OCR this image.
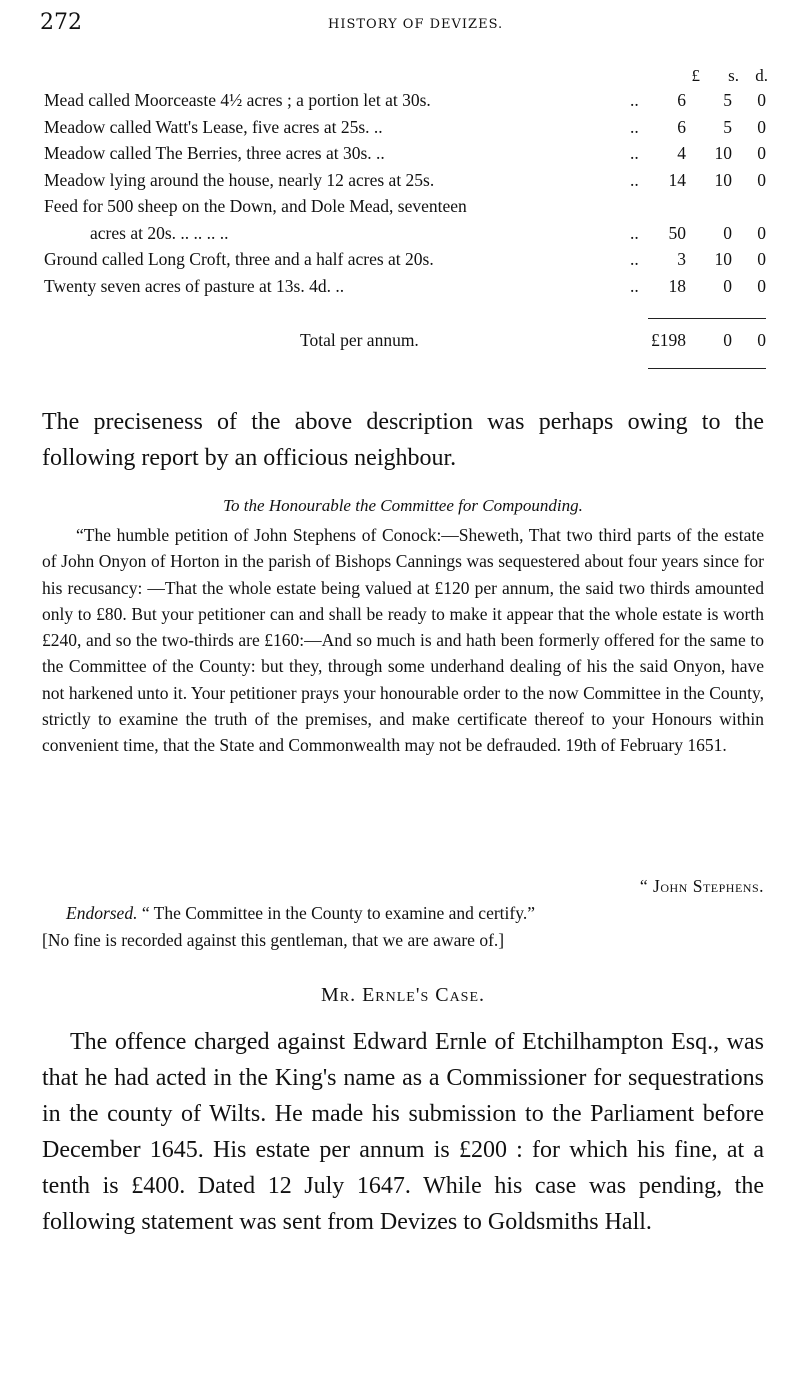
272	HISTORY OF DEVIZES.
£ s. d.
Mead called Moorceaste 4½ acres ; a portion let at 30s.	.. 6 5 0
Meadow called Watt's Lease, five acres at 25s. ..	.. 6 5 0
Meadow called The Berries, three acres at 30s. ..	.. 4 10 0
Meadow lying around the house, nearly 12 acres at 25s.	.. 14 10 0
Feed for 500 sheep on the Down, and Dole Mead, seventeen
acres at 20s. .. .. .. ..	.. 50 0 0
Ground called Long Croft, three and a half acres at 20s.	.. 3 10 0
Twenty seven acres of pasture at 13s. 4d. ..	.. 18 0 0
Total per annum.	£198 0 0
The preciseness of the above description was perhaps owing to the following report by an officious neighbour.
To the Honourable the Committee for Compounding.
“The humble petition of John Stephens of Conock:—Sheweth, That two third parts of the estate of John Onyon of Horton in the parish of Bishops Cannings was sequestered about four years since for his recusancy: —That the whole estate being valued at £120 per annum, the said two thirds amounted only to £80. But your petitioner can and shall be ready to make it appear that the whole estate is worth £240, and so the two-thirds are £160:—And so much is and hath been formerly offered for the same to the Committee of the County: but they, through some underhand dealing of his the said Onyon, have not harkened unto it. Your petitioner prays your honourable order to the now Committee in the County, strictly to examine the truth of the premises, and make certificate thereof to your Honours within convenient time, that the State and Commonwealth may not be defrauded. 19th of February 1651.
“ John Stephens.
Endorsed. “ The Committee in the County to examine and certify.”
[No fine is recorded against this gentleman, that we are aware of.]
Mr. Ernle's Case.
The offence charged against Edward Ernle of Etchilhampton Esq., was that he had acted in the King's name as a Commissioner for sequestrations in the county of Wilts. He made his submission to the Parliament before December 1645. His estate per annum is £200 : for which his fine, at a tenth is £400. Dated 12 July 1647. While his case was pending, the following statement was sent from Devizes to Goldsmiths Hall.
